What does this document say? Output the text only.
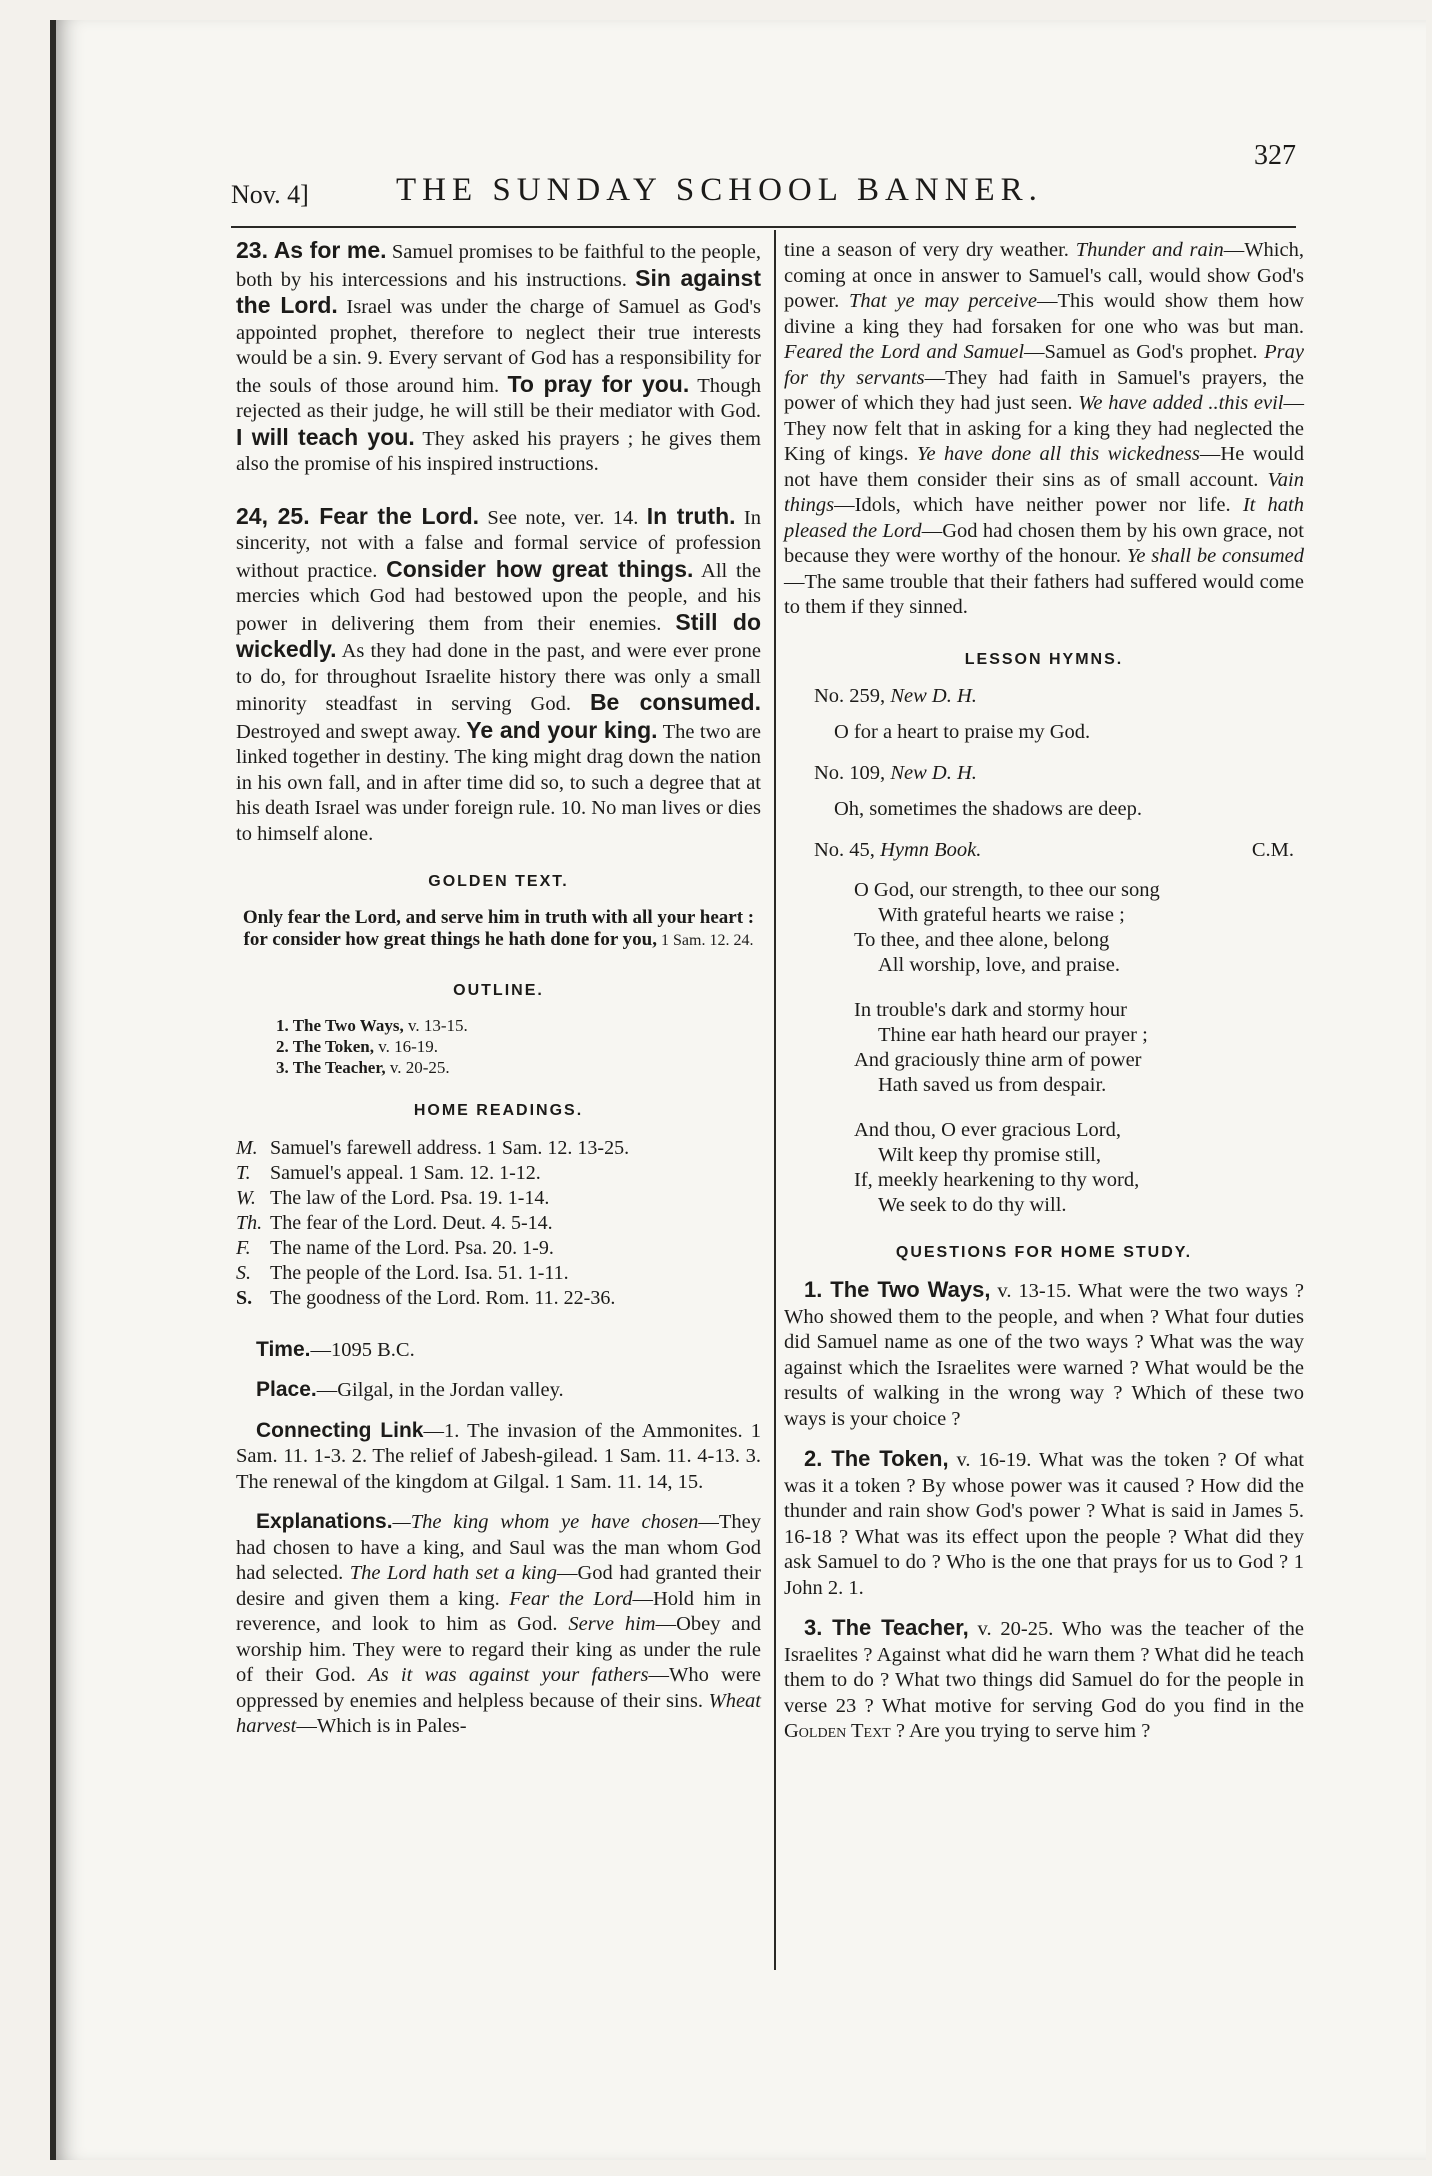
Nov. 4]	THE SUNDAY SCHOOL BANNER.
327

23. As for me. Samuel promises to be faithful to the people, both by his intercessions and his instructions. Sin against the Lord. Israel was under the charge of Samuel as God's appointed prophet, therefore to neglect their true interests would be a sin. 9. Every servant of God has a responsibility for the souls of those around him. To pray for you. Though rejected as their judge, he will still be their mediator with God. I will teach you. They asked his prayers ; he gives them also the promise of his inspired instructions.

24, 25. Fear the Lord. See note, ver. 14. In truth. In sincerity, not with a false and formal service of profession without practice. Consider how great things. All the mercies which God had bestowed upon the people, and his power in delivering them from their enemies. Still do wickedly. As they had done in the past, and were ever prone to do, for throughout Israelite history there was only a small minority steadfast in serving God. Be consumed. Destroyed and swept away. Ye and your king. The two are linked together in destiny. The king might drag down the nation in his own fall, and in after time did so, to such a degree that at his death Israel was under foreign rule. 10. No man lives or dies to himself alone.

GOLDEN TEXT.
Only fear the Lord, and serve him in truth with all your heart : for consider how great things he hath done for you, 1 Sam. 12. 24.
OUTLINE.
1. The Two Ways, v. 13-15.
2. The Token, v. 16-19.
3. The Teacher, v. 20-25.
HOME READINGS.
M. Samuel's farewell address. 1 Sam. 12. 13-25.
T. Samuel's appeal. 1 Sam. 12. 1-12.
W. The law of the Lord. Psa. 19. 1-14.
Th. The fear of the Lord. Deut. 4. 5-14.
F. The name of the Lord. Psa. 20. 1-9.
S. The people of the Lord. Isa. 51. 1-11.
S. The goodness of the Lord. Rom. 11. 22-36.

Time.—1095 B.C.

Place.—Gilgal, in the Jordan valley.

Connecting Link—1. The invasion of the Ammonites. 1 Sam. 11. 1-3. 2. The relief of Jabesh-gilead. 1 Sam. 11. 4-13. 3. The renewal of the kingdom at Gilgal. 1 Sam. 11. 14, 15.

Explanations.—The king whom ye have chosen—They had chosen to have a king, and Saul was the man whom God had selected. The Lord hath set a king—God had granted their desire and given them a king. Fear the Lord—Hold him in reverence, and look to him as God. Serve him—Obey and worship him. They were to regard their king as under the rule of their God. As it was against your fathers—Who were oppressed by enemies and helpless because of their sins. Wheat harvest—Which is in Pales-

tine a season of very dry weather. Thunder and rain—Which, coming at once in answer to Samuel's call, would show God's power. That ye may perceive—This would show them how divine a king they had forsaken for one who was but man. Feared the Lord and Samuel—Samuel as God's prophet. Pray for thy servants—They had faith in Samuel's prayers, the power of which they had just seen. We have added ..this evil—They now felt that in asking for a king they had neglected the King of kings. Ye have done all this wickedness—He would not have them consider their sins as of small account. Vain things—Idols, which have neither power nor life. It hath pleased the Lord—God had chosen them by his own grace, not because they were worthy of the honour. Ye shall be consumed—The same trouble that their fathers had suffered would come to them if they sinned.

LESSON HYMNS.
No. 259, New D. H.
O for a heart to praise my God.
No. 109, New D. H.
Oh, sometimes the shadows are deep.
No. 45, Hymn Book.	C.M.
O God, our strength, to thee our song
With grateful hearts we raise ;
To thee, and thee alone, belong
All worship, love, and praise.
In trouble's dark and stormy hour
Thine ear hath heard our prayer ;
And graciously thine arm of power
Hath saved us from despair.
And thou, O ever gracious Lord,
Wilt keep thy promise still,
If, meekly hearkening to thy word,
We seek to do thy will.
QUESTIONS FOR HOME STUDY.

1. The Two Ways, v. 13-15. What were the two ways ? Who showed them to the people, and when ? What four duties did Samuel name as one of the two ways ? What was the way against which the Israelites were warned ? What would be the results of walking in the wrong way ? Which of these two ways is your choice ?

2. The Token, v. 16-19. What was the token ? Of what was it a token ? By whose power was it caused ? How did the thunder and rain show God's power ? What is said in James 5. 16-18 ? What was its effect upon the people ? What did they ask Samuel to do ? Who is the one that prays for us to God ? 1 John 2. 1.

3. The Teacher, v. 20-25. Who was the teacher of the Israelites ? Against what did he warn them ? What did he teach them to do ? What two things did Samuel do for the people in verse 23 ? What motive for serving God do you find in the Golden Text ? Are you trying to serve him ?
